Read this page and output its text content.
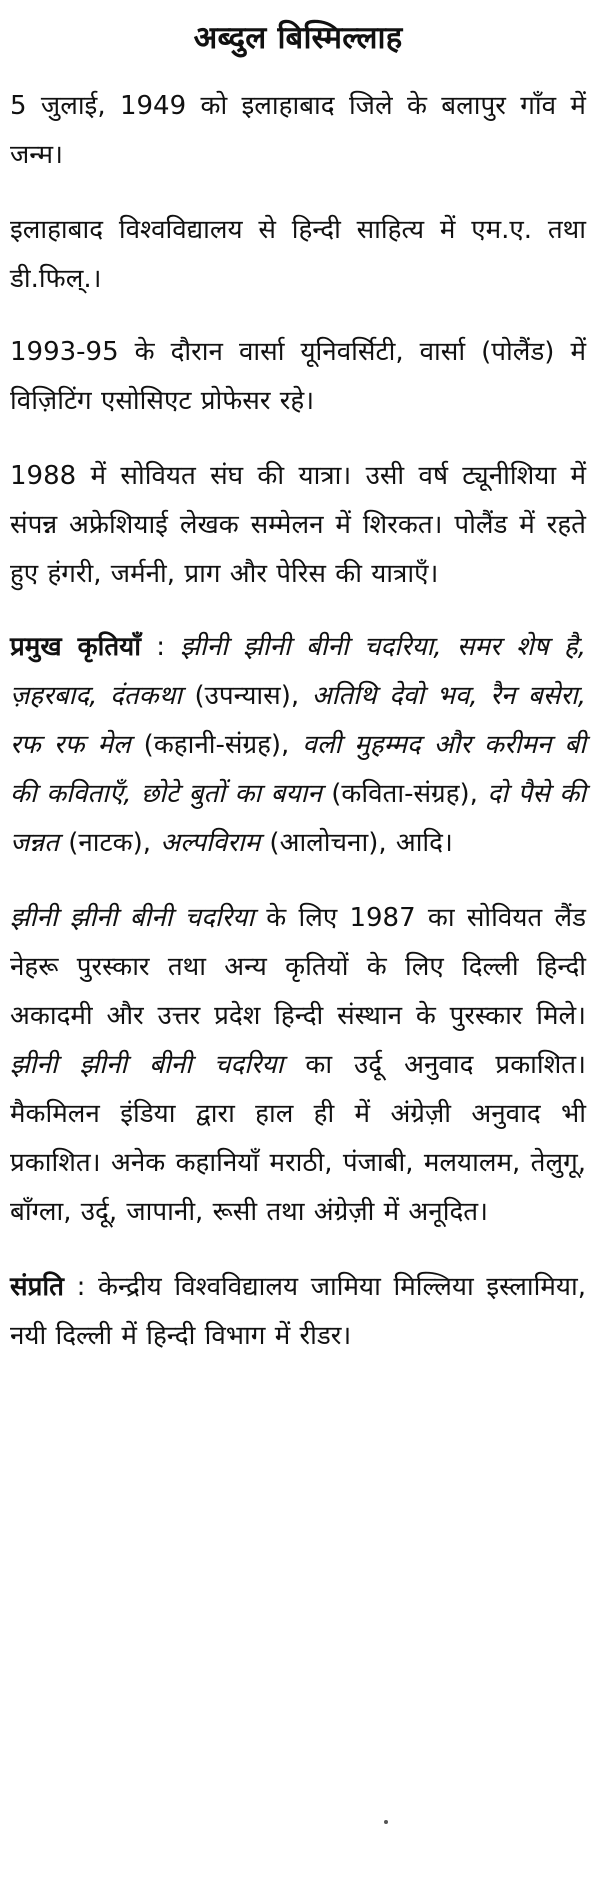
अब्दुल बिस्मिल्लाह

5 जुलाई, 1949 को इलाहाबाद जिले के बलापुर गाँव में जन्म।

इलाहाबाद विश्वविद्यालय से हिन्दी साहित्य में एम.ए. तथा डी.फिल्.।

1993-95 के दौरान वार्सा यूनिवर्सिटी, वार्सा (पोलैंड) में विज़िटिंग एसोसिएट प्रोफेसर रहे।

1988 में सोवियत संघ की यात्रा। उसी वर्ष ट्यूनीशिया में संपन्न अफ्रेशियाई लेखक सम्मेलन में शिरकत। पोलैंड में रहते हुए हंगरी, जर्मनी, प्राग और पेरिस की यात्राएँ।

प्रमुख कृतियाँ : झीनी झीनी बीनी चदरिया, समर शेष है, ज़हरबाद, दंतकथा (उपन्यास), अतिथि देवो भव, रैन बसेरा, रफ रफ मेल (कहानी-संग्रह), वली मुहम्मद और करीमन बी की कविताएँ, छोटे बुतों का बयान (कविता-संग्रह), दो पैसे की जन्नत (नाटक), अल्पविराम (आलोचना), आदि।

झीनी झीनी बीनी चदरिया के लिए 1987 का सोवियत लैंड नेहरू पुरस्कार तथा अन्य कृतियों के लिए दिल्ली हिन्दी अकादमी और उत्तर प्रदेश हिन्दी संस्थान के पुरस्कार मिले। झीनी झीनी बीनी चदरिया का उर्दू अनुवाद प्रकाशित। मैकमिलन इंडिया द्वारा हाल ही में अंग्रेज़ी अनुवाद भी प्रकाशित। अनेक कहानियाँ मराठी, पंजाबी, मलयालम, तेलुगू, बाँग्ला, उर्दू, जापानी, रूसी तथा अंग्रेज़ी में अनूदित।

संप्रति : केन्द्रीय विश्वविद्यालय जामिया मिल्लिया इस्लामिया, नयी दिल्ली में हिन्दी विभाग में रीडर।
